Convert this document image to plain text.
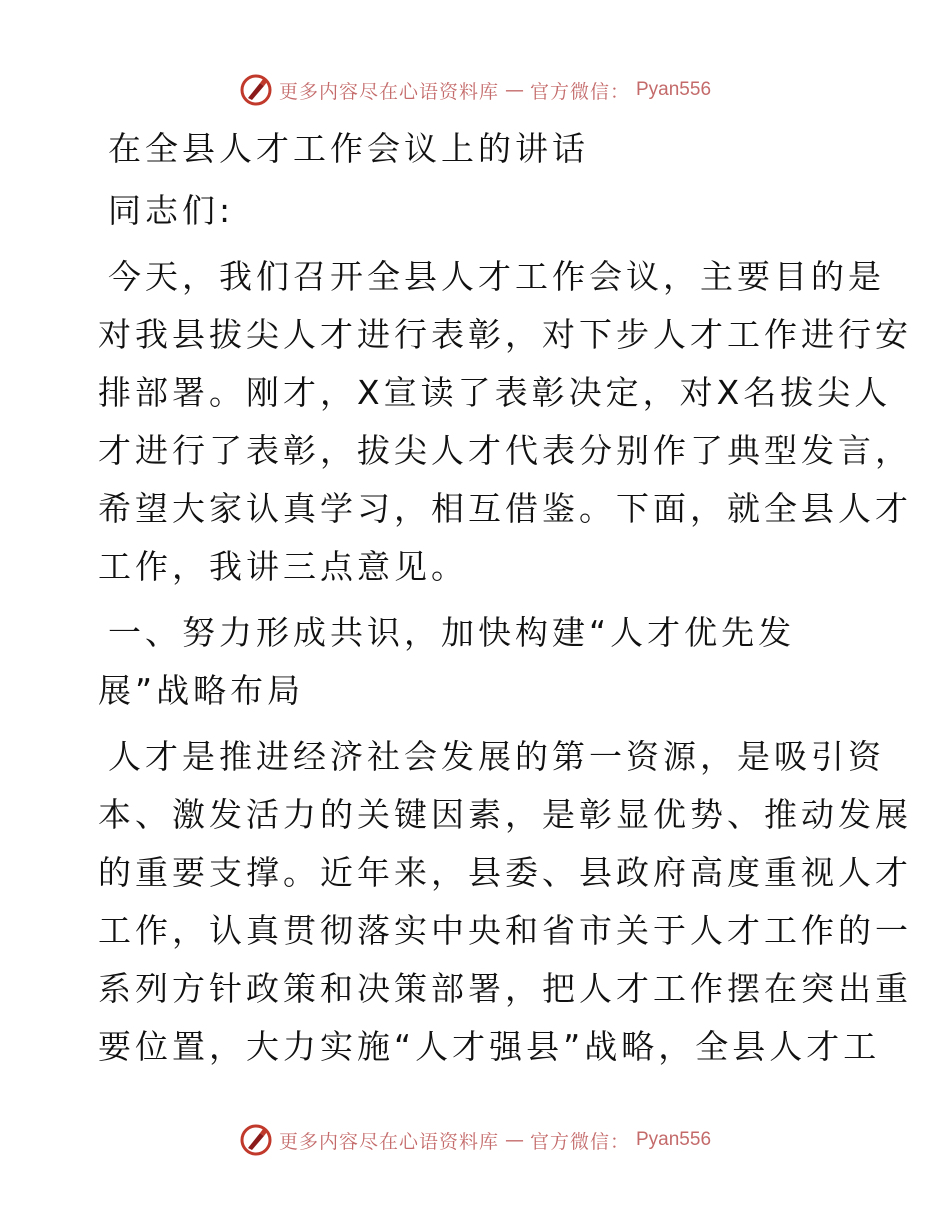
更多内容尽在心语资料库 — 官方微信： Pyan556

在全县人才工作会议上的讲话

同志们:

今天，我们召开全县人才工作会议，主要目的是

对我县拔尖人才进行表彰，对下步人才工作进行安

排部署。刚才，X宣读了表彰决定，对X名拔尖人

才进行了表彰，拔尖人才代表分别作了典型发言，

希望大家认真学习，相互借鉴。下面，就全县人才

工作，我讲三点意见。

一、努力形成共识，加快构建“人才优先发

展”战略布局

人才是推进经济社会发展的第一资源，是吸引资

本、激发活力的关键因素，是彰显优势、推动发展

的重要支撑。近年来，县委、县政府高度重视人才

工作，认真贯彻落实中央和省市关于人才工作的一

系列方针政策和决策部署，把人才工作摆在突出重

要位置，大力实施“人才强县”战略，全县人才工

更多内容尽在心语资料库 — 官方微信： Pyan556
